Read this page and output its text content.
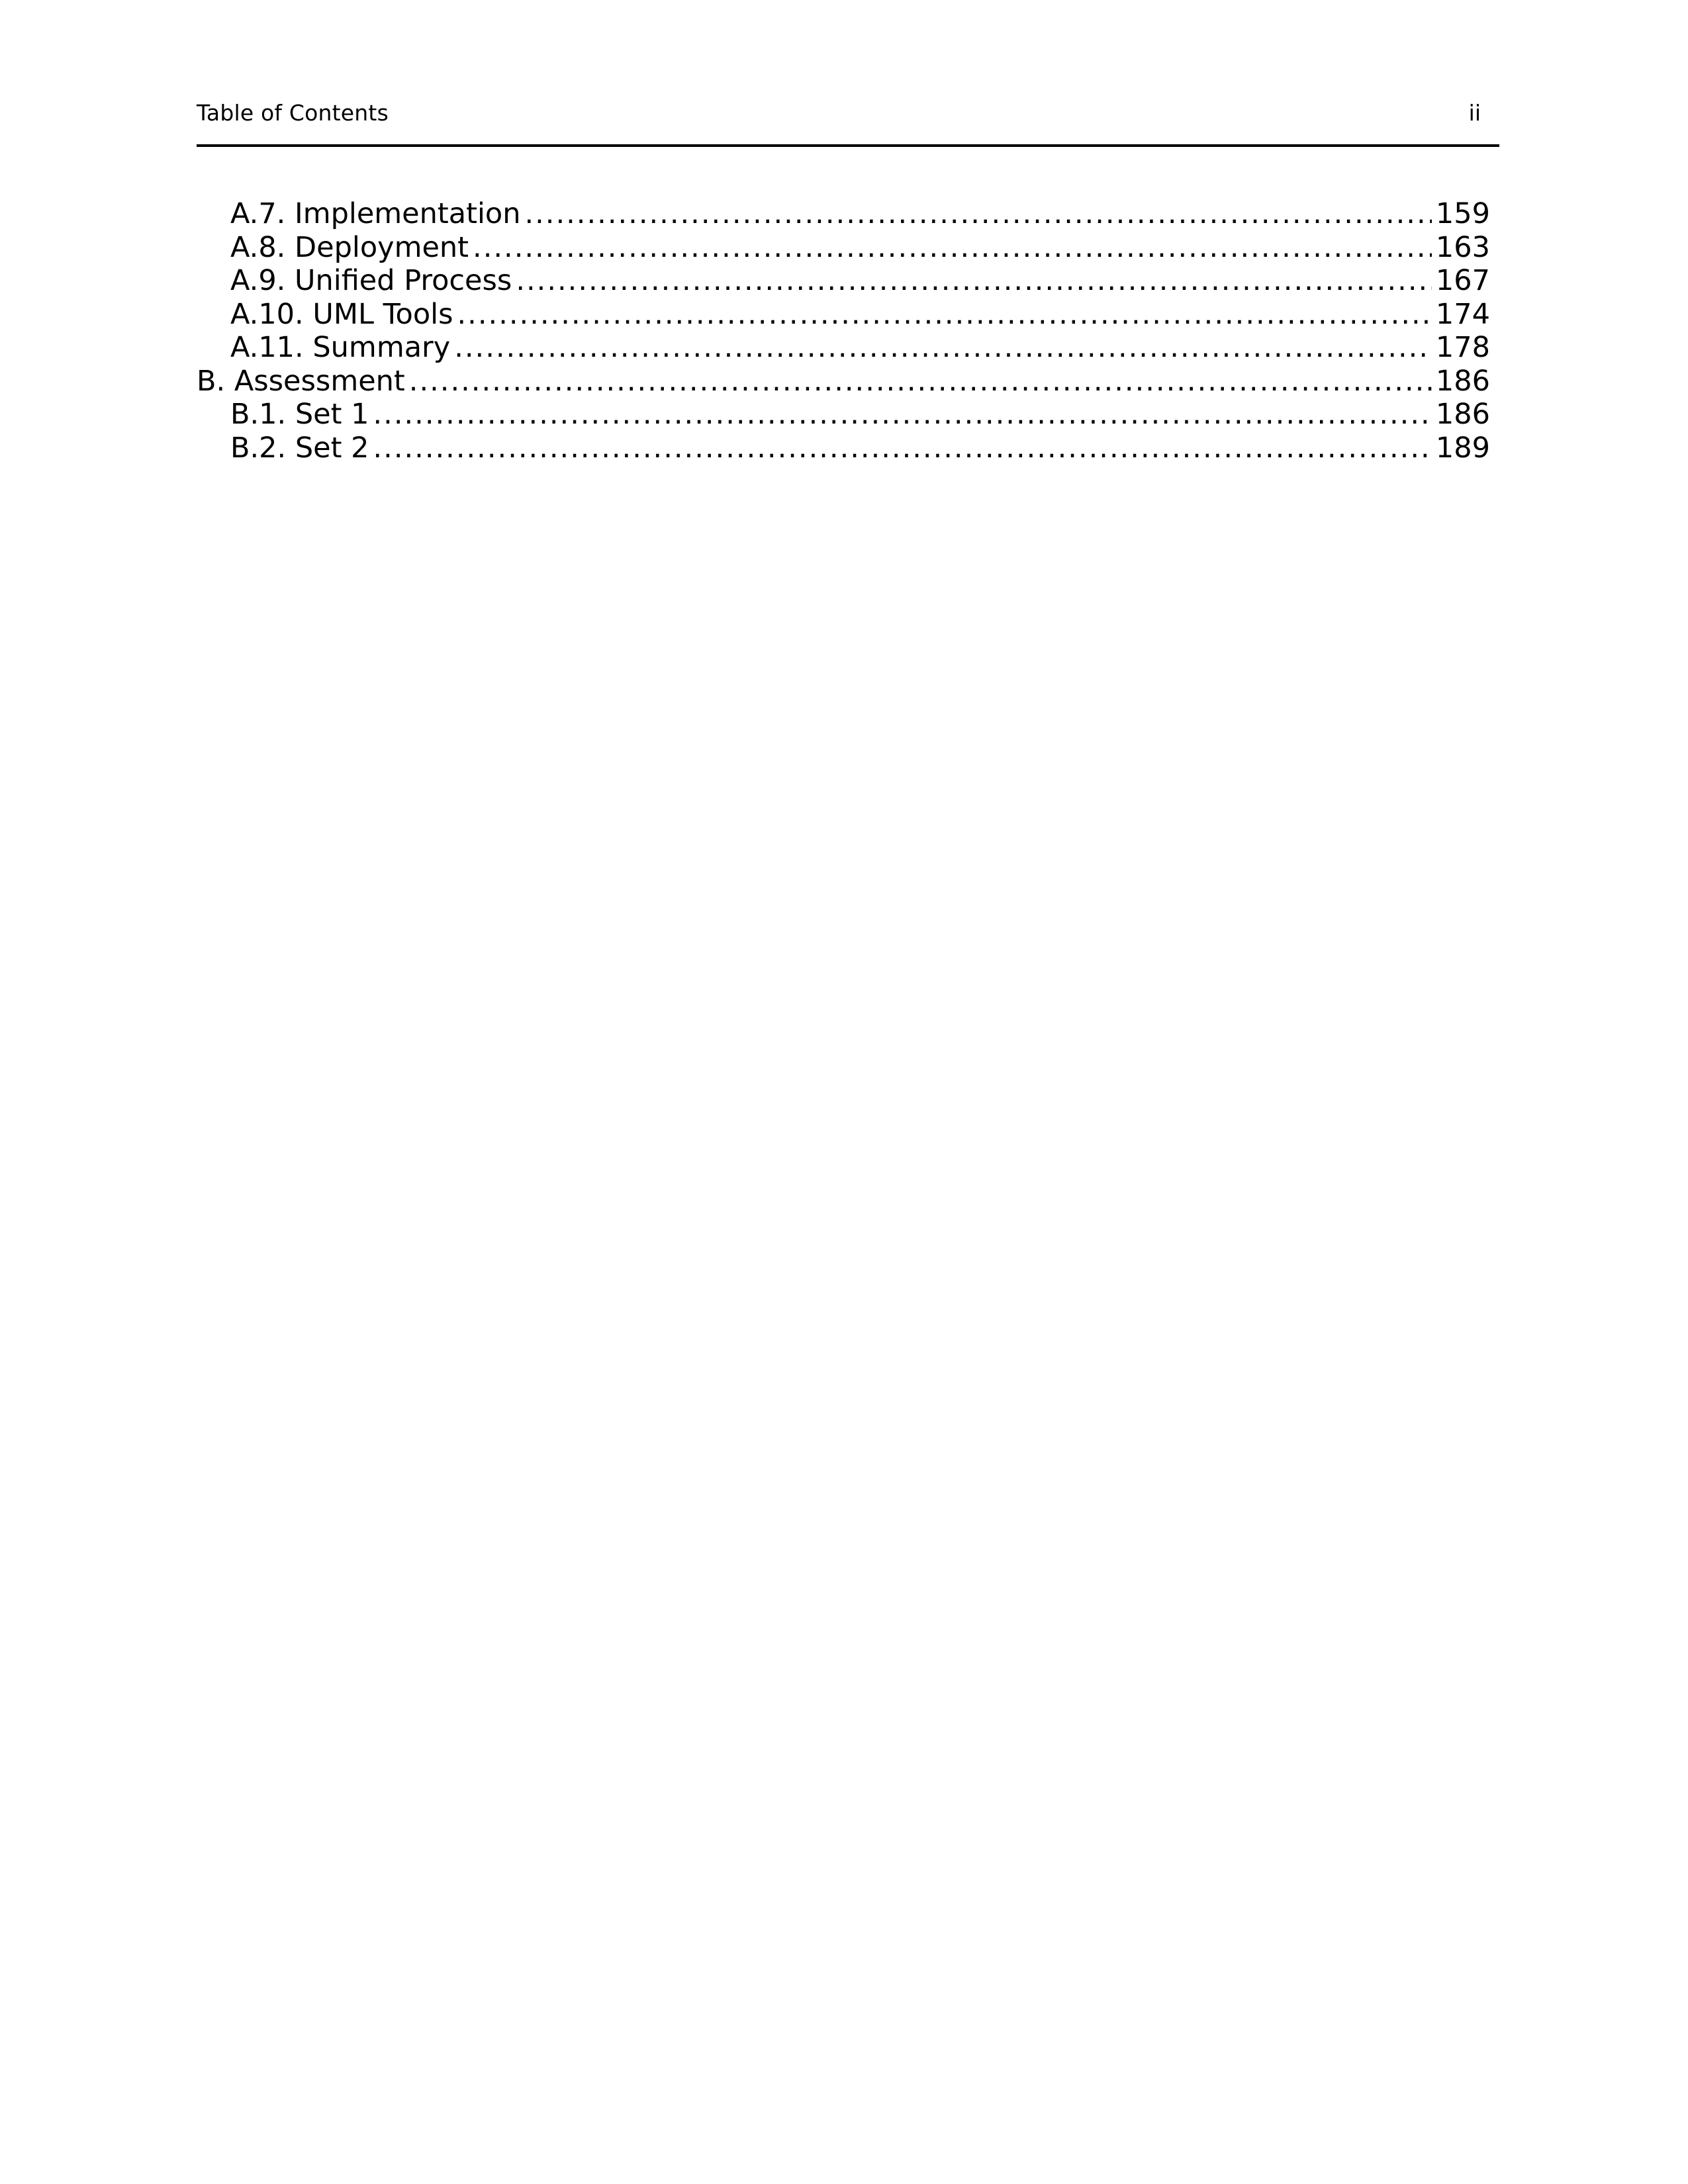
Table of Contents	ii
A.7. Implementation .....	159
A.8. Deployment .....	163
A.9. Unified Process .....	167
A.10. UML Tools .....	174
A.11. Summary .....	178
B. Assessment .....	186
B.1. Set 1 .....	186
B.2. Set 2 .....	189
